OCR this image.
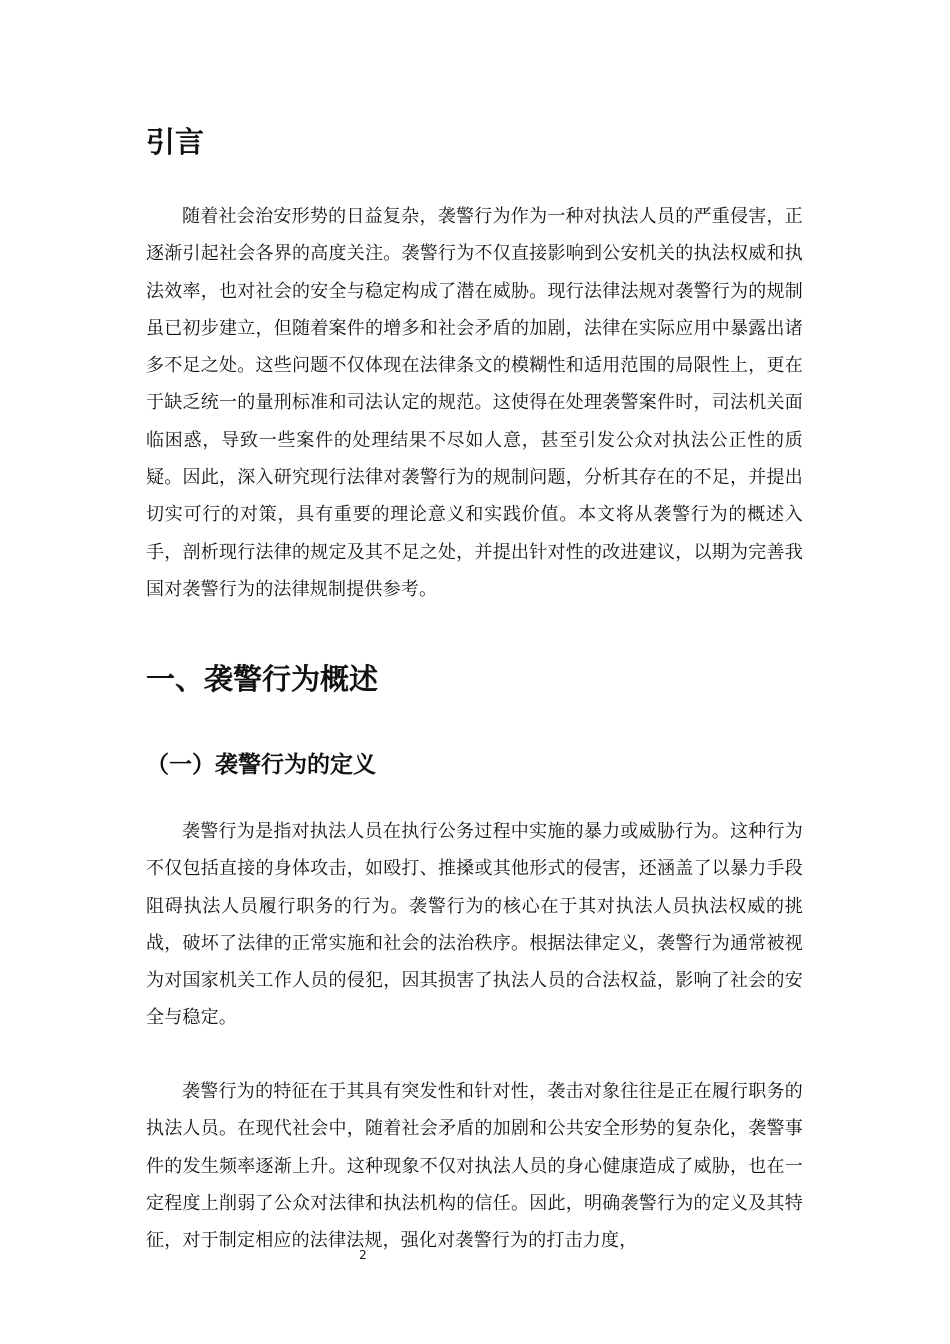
引言

随着社会治安形势的日益复杂，袭警行为作为一种对执法人员的严重侵害，正逐渐引起社会各界的高度关注。袭警行为不仅直接影响到公安机关的执法权威和执法效率，也对社会的安全与稳定构成了潜在威胁。现行法律法规对袭警行为的规制虽已初步建立，但随着案件的增多和社会矛盾的加剧，法律在实际应用中暴露出诸多不足之处。这些问题不仅体现在法律条文的模糊性和适用范围的局限性上，更在于缺乏统一的量刑标准和司法认定的规范。这使得在处理袭警案件时，司法机关面临困惑，导致一些案件的处理结果不尽如人意，甚至引发公众对执法公正性的质疑。因此，深入研究现行法律对袭警行为的规制问题，分析其存在的不足，并提出切实可行的对策，具有重要的理论意义和实践价值。本文将从袭警行为的概述入手，剖析现行法律的规定及其不足之处，并提出针对性的改进建议，以期为完善我国对袭警行为的法律规制提供参考。

一、袭警行为概述
（一）袭警行为的定义

袭警行为是指对执法人员在执行公务过程中实施的暴力或威胁行为。这种行为不仅包括直接的身体攻击，如殴打、推搡或其他形式的侵害，还涵盖了以暴力手段阻碍执法人员履行职务的行为。袭警行为的核心在于其对执法人员执法权威的挑战，破坏了法律的正常实施和社会的法治秩序。根据法律定义，袭警行为通常被视为对国家机关工作人员的侵犯，因其损害了执法人员的合法权益，影响了社会的安全与稳定。

袭警行为的特征在于其具有突发性和针对性，袭击对象往往是正在履行职务的执法人员。在现代社会中，随着社会矛盾的加剧和公共安全形势的复杂化，袭警事件的发生频率逐渐上升。这种现象不仅对执法人员的身心健康造成了威胁，也在一定程度上削弱了公众对法律和执法机构的信任。因此，明确袭警行为的定义及其特征，对于制定相应的法律法规，强化对袭警行为的打击力度，

2
